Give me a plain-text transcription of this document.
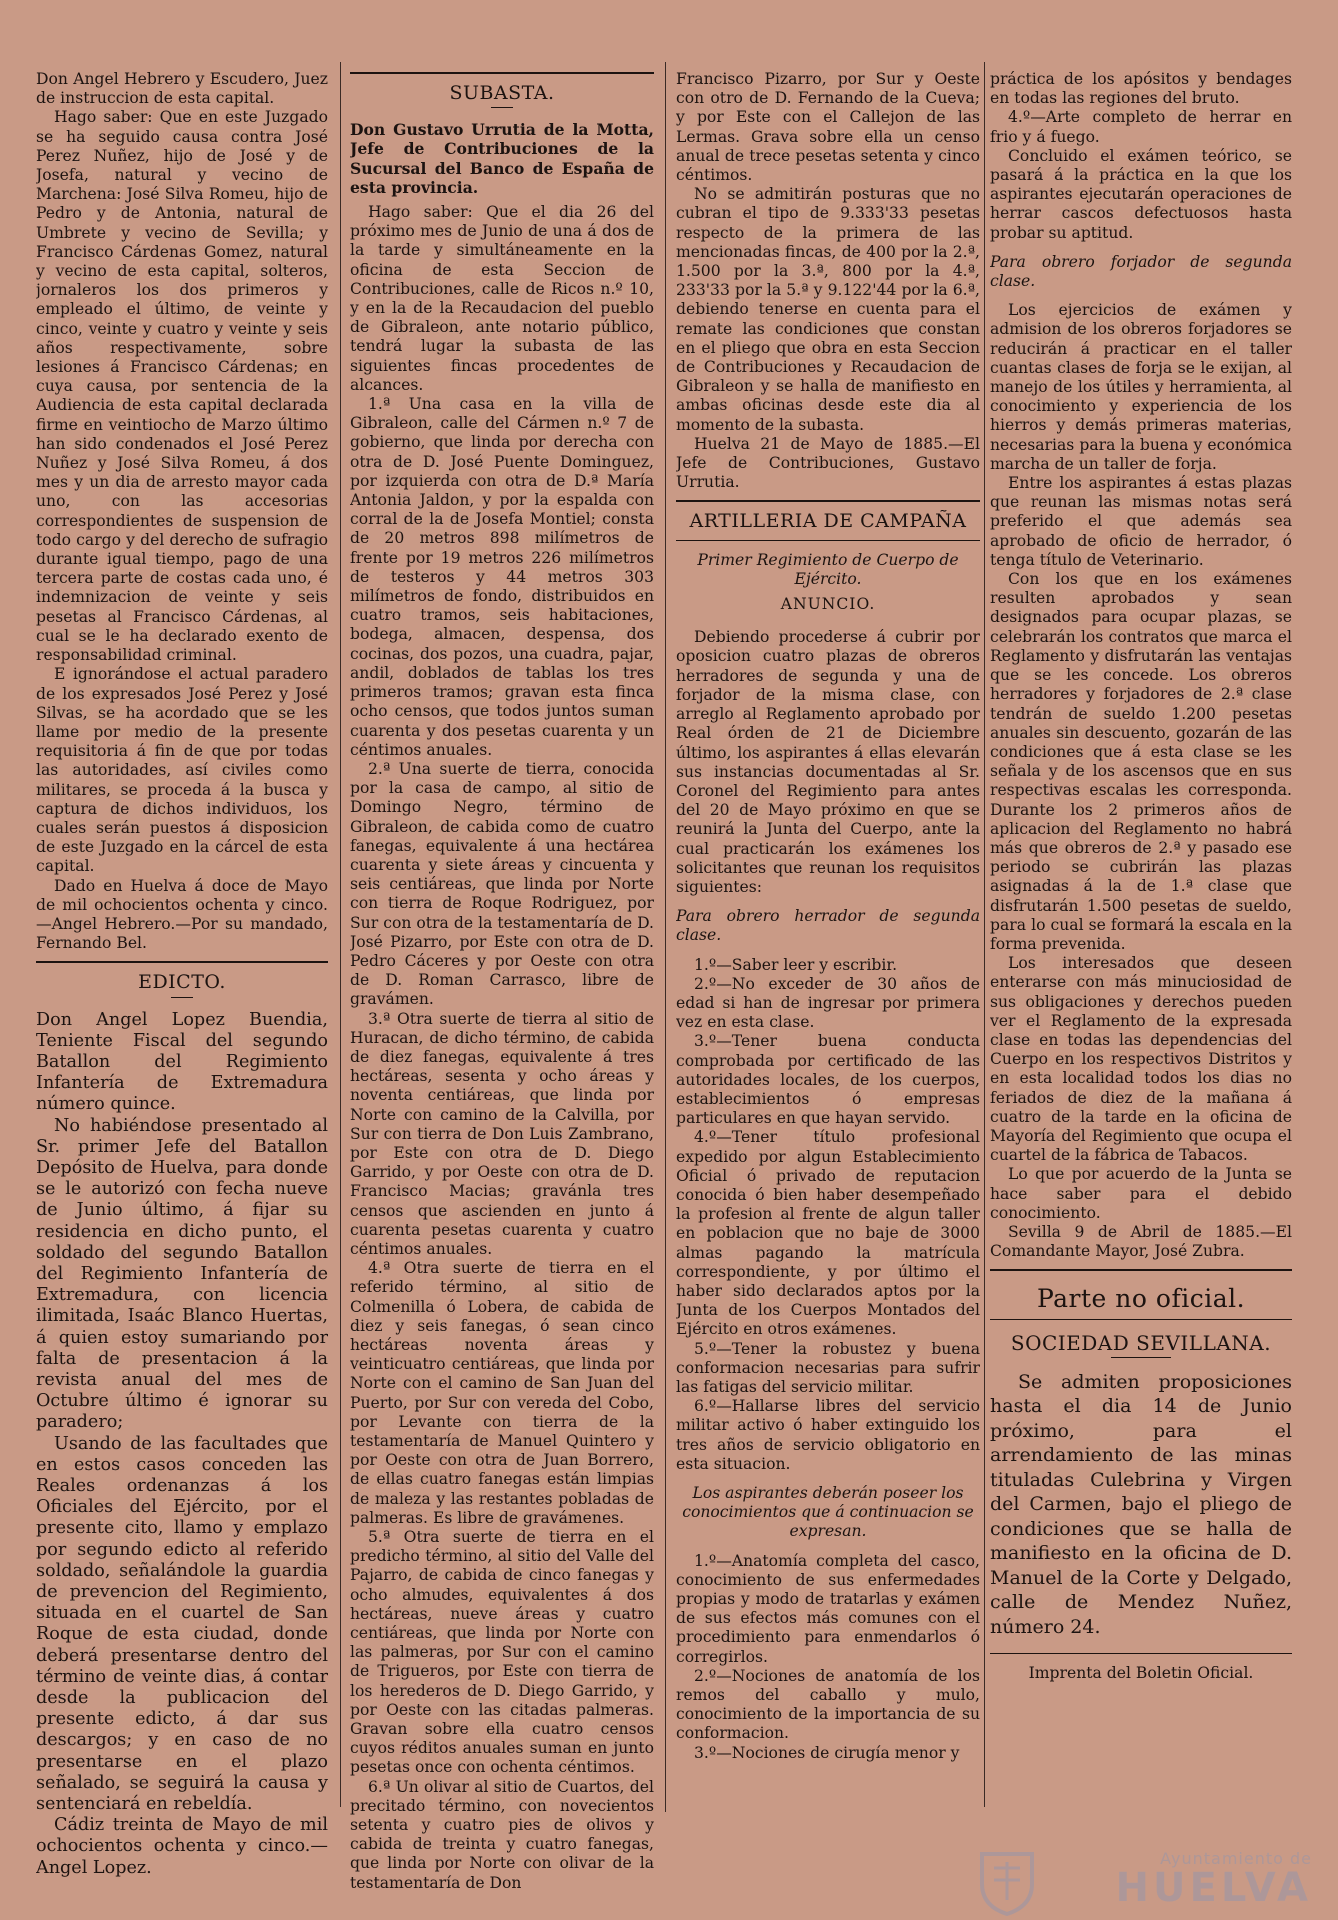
Don Angel Hebrero y Escudero, Juez de instruccion de esta capital.

Hago saber: Que en este Juzgado se ha seguido causa contra José Perez Nuñez, hijo de José y de Josefa, natural y vecino de Marchena: José Silva Romeu, hijo de Pedro y de Antonia, natural de Umbrete y vecino de Sevilla; y Francisco Cárdenas Gomez, natural y vecino de esta capital, solteros, jornaleros los dos primeros y empleado el último, de veinte y cinco, veinte y cuatro y veinte y seis años respectivamente, sobre lesiones á Francisco Cárdenas; en cuya causa, por sentencia de la Audiencia de esta capital declarada firme en veintiocho de Marzo último han sido condenados el José Perez Nuñez y José Silva Romeu, á dos mes y un dia de arresto mayor cada uno, con las accesorias correspondientes de suspension de todo cargo y del derecho de sufragio durante igual tiempo, pago de una tercera parte de costas cada uno, é indemnizacion de veinte y seis pesetas al Francisco Cárdenas, al cual se le ha declarado exento de responsabilidad criminal.

E ignorándose el actual paradero de los expresados José Perez y José Silvas, se ha acordado que se les llame por medio de la presente requisitoria á fin de que por todas las autoridades, así civiles como militares, se proceda á la busca y captura de dichos individuos, los cuales serán puestos á disposicion de este Juzgado en la cárcel de esta capital.

Dado en Huelva á doce de Mayo de mil ochocientos ochenta y cinco.—Angel Hebrero.—Por su mandado, Fernando Bel.

EDICTO.

Don Angel Lopez Buendia, Teniente Fiscal del segundo Batallon del Regimiento Infantería de Extremadura número quince.

No habiéndose presentado al Sr. primer Jefe del Batallon Depósito de Huelva, para donde se le autorizó con fecha nueve de Junio último, á fijar su residencia en dicho punto, el soldado del segundo Batallon del Regimiento Infantería de Extremadura, con licencia ilimitada, Isaác Blanco Huertas, á quien estoy sumariando por falta de presentacion á la revista anual del mes de Octubre último é ignorar su paradero;

Usando de las facultades que en estos casos conceden las Reales ordenanzas á los Oficiales del Ejército, por el presente cito, llamo y emplazo por segundo edicto al referido soldado, señalándole la guardia de prevencion del Regimiento, situada en el cuartel de San Roque de esta ciudad, donde deberá presentarse dentro del término de veinte dias, á contar desde la publicacion del presente edicto, á dar sus descargos; y en caso de no presentarse en el plazo señalado, se seguirá la causa y sentenciará en rebeldía.

Cádiz treinta de Mayo de mil ochocientos ochenta y cinco.—Angel Lopez.

SUBASTA.

Don Gustavo Urrutia de la Motta, Jefe de Contribuciones de la Sucursal del Banco de España de esta provincia.

Hago saber: Que el dia 26 del próximo mes de Junio de una á dos de la tarde y simultáneamente en la oficina de esta Seccion de Contribuciones, calle de Ricos n.º 10, y en la de la Recaudacion del pueblo de Gibraleon, ante notario público, tendrá lugar la subasta de las siguientes fincas procedentes de alcances.

1.ª Una casa en la villa de Gibraleon, calle del Cármen n.º 7 de gobierno, que linda por derecha con otra de D. José Puente Dominguez, por izquierda con otra de D.ª María Antonia Jaldon, y por la espalda con corral de la de Josefa Montiel; consta de 20 metros 898 milímetros de frente por 19 metros 226 milímetros de testeros y 44 metros 303 milímetros de fondo, distribuidos en cuatro tramos, seis habitaciones, bodega, almacen, despensa, dos cocinas, dos pozos, una cuadra, pajar, andil, doblados de tablas los tres primeros tramos; gravan esta finca ocho censos, que todos juntos suman cuarenta y dos pesetas cuarenta y un céntimos anuales.

2.ª Una suerte de tierra, conocida por la casa de campo, al sitio de Domingo Negro, término de Gibraleon, de cabida como de cuatro fanegas, equivalente á una hectárea cuarenta y siete áreas y cincuenta y seis centiáreas, que linda por Norte con tierra de Roque Rodriguez, por Sur con otra de la testamentaría de D. José Pizarro, por Este con otra de D. Pedro Cáceres y por Oeste con otra de D. Roman Carrasco, libre de gravámen.

3.ª Otra suerte de tierra al sitio de Huracan, de dicho término, de cabida de diez fanegas, equivalente á tres hectáreas, sesenta y ocho áreas y noventa centiáreas, que linda por Norte con camino de la Calvilla, por Sur con tierra de Don Luis Zambrano, por Este con otra de D. Diego Garrido, y por Oeste con otra de D. Francisco Macias; gravánla tres censos que ascienden en junto á cuarenta pesetas cuarenta y cuatro céntimos anuales.

4.ª Otra suerte de tierra en el referido término, al sitio de Colmenilla ó Lobera, de cabida de diez y seis fanegas, ó sean cinco hectáreas noventa áreas y veinticuatro centiáreas, que linda por Norte con el camino de San Juan del Puerto, por Sur con vereda del Cobo, por Levante con tierra de la testamentaría de Manuel Quintero y por Oeste con otra de Juan Borrero, de ellas cuatro fanegas están limpias de maleza y las restantes pobladas de palmeras. Es libre de gravámenes.

5.ª Otra suerte de tierra en el predicho término, al sitio del Valle del Pajarro, de cabida de cinco fanegas y ocho almudes, equivalentes á dos hectáreas, nueve áreas y cuatro centiáreas, que linda por Norte con las palmeras, por Sur con el camino de Trigueros, por Este con tierra de los herederos de D. Diego Garrido, y por Oeste con las citadas palmeras. Gravan sobre ella cuatro censos cuyos réditos anuales suman en junto pesetas once con ochenta céntimos.

6.ª Un olivar al sitio de Cuartos, del precitado término, con novecientos setenta y cuatro pies de olivos y cabida de treinta y cuatro fanegas, que linda por Norte con olivar de la testamentaría de Don

Francisco Pizarro, por Sur y Oeste con otro de D. Fernando de la Cueva; y por Este con el Callejon de las Lermas. Grava sobre ella un censo anual de trece pesetas setenta y cinco céntimos.

No se admitirán posturas que no cubran el tipo de 9.333'33 pesetas respecto de la primera de las mencionadas fincas, de 400 por la 2.ª, 1.500 por la 3.ª, 800 por la 4.ª, 233'33 por la 5.ª y 9.122'44 por la 6.ª, debiendo tenerse en cuenta para el remate las condiciones que constan en el pliego que obra en esta Seccion de Contribuciones y Recaudacion de Gibraleon y se halla de manifiesto en ambas oficinas desde este dia al momento de la subasta.

Huelva 21 de Mayo de 1885.—El Jefe de Contribuciones, Gustavo Urrutia.

ARTILLERIA DE CAMPAÑA
Primer Regimiento de Cuerpo de Ejército.
ANUNCIO.

Debiendo procederse á cubrir por oposicion cuatro plazas de obreros herradores de segunda y una de forjador de la misma clase, con arreglo al Reglamento aprobado por Real órden de 21 de Diciembre último, los aspirantes á ellas elevarán sus instancias documentadas al Sr. Coronel del Regimiento para antes del 20 de Mayo próximo en que se reunirá la Junta del Cuerpo, ante la cual practicarán los exámenes los solicitantes que reunan los requisitos siguientes:

Para obrero herrador de segunda clase.

1.º—Saber leer y escribir.

2.º—No exceder de 30 años de edad si han de ingresar por primera vez en esta clase.

3.º—Tener buena conducta comprobada por certificado de las autoridades locales, de los cuerpos, establecimientos ó empresas particulares en que hayan servido.

4.º—Tener título profesional expedido por algun Establecimiento Oficial ó privado de reputacion conocida ó bien haber desempeñado la profesion al frente de algun taller en poblacion que no baje de 3000 almas pagando la matrícula correspondiente, y por último el haber sido declarados aptos por la Junta de los Cuerpos Montados del Ejército en otros exámenes.

5.º—Tener la robustez y buena conformacion necesarias para sufrir las fatigas del servicio militar.

6.º—Hallarse libres del servicio militar activo ó haber extinguido los tres años de servicio obligatorio en esta situacion.

Los aspirantes deberán poseer los conocimientos que á continuacion se expresan.

1.º—Anatomía completa del casco, conocimiento de sus enfermedades propias y modo de tratarlas y exámen de sus efectos más comunes con el procedimiento para enmendarlos ó corregirlos.

2.º—Nociones de anatomía de los remos del caballo y mulo, conocimiento de la importancia de su conformacion.

3.º—Nociones de cirugía menor y

práctica de los apósitos y bendages en todas las regiones del bruto.

4.º—Arte completo de herrar en frio y á fuego.

Concluido el exámen teórico, se pasará á la práctica en la que los aspirantes ejecutarán operaciones de herrar cascos defectuosos hasta probar su aptitud.

Para obrero forjador de segunda clase.

Los ejercicios de exámen y admision de los obreros forjadores se reducirán á practicar en el taller cuantas clases de forja se le exijan, al manejo de los útiles y herramienta, al conocimiento y experiencia de los hierros y demás primeras materias, necesarias para la buena y económica marcha de un taller de forja.

Entre los aspirantes á estas plazas que reunan las mismas notas será preferido el que además sea aprobado de oficio de herrador, ó tenga título de Veterinario.

Con los que en los exámenes resulten aprobados y sean designados para ocupar plazas, se celebrarán los contratos que marca el Reglamento y disfrutarán las ventajas que se les concede. Los obreros herradores y forjadores de 2.ª clase tendrán de sueldo 1.200 pesetas anuales sin descuento, gozarán de las condiciones que á esta clase se les señala y de los ascensos que en sus respectivas escalas les corresponda. Durante los 2 primeros años de aplicacion del Reglamento no habrá más que obreros de 2.ª y pasado ese periodo se cubrirán las plazas asignadas á la de 1.ª clase que disfrutarán 1.500 pesetas de sueldo, para lo cual se formará la escala en la forma prevenida.

Los interesados que deseen enterarse con más minuciosidad de sus obligaciones y derechos pueden ver el Reglamento de la expresada clase en todas las dependencias del Cuerpo en los respectivos Distritos y en esta localidad todos los dias no feriados de diez de la mañana á cuatro de la tarde en la oficina de Mayoría del Regimiento que ocupa el cuartel de la fábrica de Tabacos.

Lo que por acuerdo de la Junta se hace saber para el debido conocimiento.

Sevilla 9 de Abril de 1885.—El Comandante Mayor, José Zubra.

Parte no oficial.
SOCIEDAD SEVILLANA.

Se admiten proposiciones hasta el dia 14 de Junio próximo, para el arrendamiento de las minas tituladas Culebrina y Virgen del Carmen, bajo el pliego de condiciones que se halla de manifiesto en la oficina de D. Manuel de la Corte y Delgado, calle de Mendez Nuñez, número 24.

Imprenta del Boletin Oficial.

Ayuntamiento de
HUELVA
